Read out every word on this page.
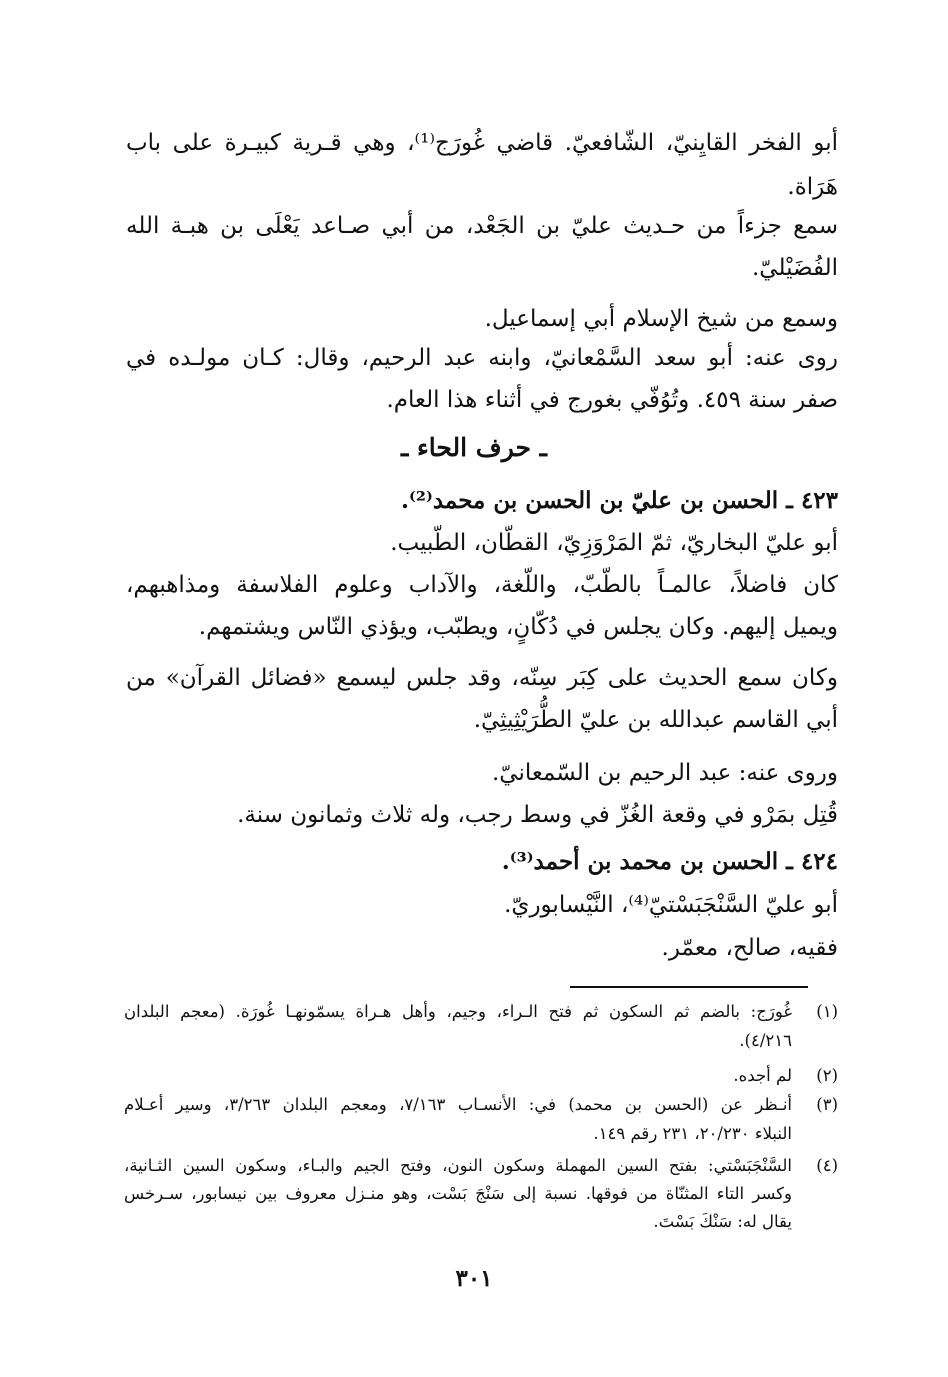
أبو الفخر القايِنيّ، الشّافعيّ. قاضي غُورَج⁽¹⁾، وهي قـرية كبيـرة على باب
هَرَاة.
سمع جزءاً من حـديث عليّ بن الجَعْد، من أبي صـاعد يَعْلَى بن هبـة الله
الفُضَيْليّ.
وسمع من شيخ الإسلام أبي إسماعيل.
روى عنه: أبو سعد السَّمْعانيّ، وابنه عبد الرحيم، وقال: كـان مولـده في
صفر سنة ٤٥٩. وتُوُفّي بغورج في أثناء هذا العام.
ـ حرف الحاء ـ
٤٢٣ ـ الحسن بن عليّ بن الحسن بن محمد⁽²⁾.
أبو عليّ البخاريّ، ثمّ المَرْوَزِيّ، القطّان، الطّبيب.
كان فاضلاً، عالمـاً بالطّبّ، واللّغة، والآداب وعلوم الفلاسفة ومذاهبهم،
ويميل إليهم. وكان يجلس في دُكّانٍ، ويطبّب، ويؤذي النّاس ويشتمهم.
وكان سمع الحديث على كِبَر سِنّه، وقد جلس ليسمع «فضائل القرآن» من
أبي القاسم عبدالله بن عليّ الطُّرَيْثِيثِيّ.
وروى عنه: عبد الرحيم بن السّمعانيّ.
قُتِل بمَرْو في وقعة الغُزّ في وسط رجب، وله ثلاث وثمانون سنة.
٤٢٤ ـ الحسن بن محمد بن أحمد⁽³⁾.
أبو عليّ السَّنْجَبَسْتيّ⁽⁴⁾، النَّيْسابوريّ.
فقيه، صالح، معمّر.
(١)
غُورَج: بالضم ثم السكون ثم فتح الـراء، وجيم، وأهل هـراة يسمّونهـا غُورَة. (معجم البلدان
٤/٢١٦).
(٢)
لم أجده.
(٣)
أنـظر عن (الحسن بن محمد) في: الأنسـاب ٧/١٦٣، ومعجم البلدان ٣/٢٦٣، وسير أعـلام
النبلاء ٢٠/٢٣٠، ٢٣١ رقم ١٤٩.
(٤)
السَّنْجَبَسْتي: بفتح السين المهملة وسكون النون، وفتح الجيم والبـاء، وسكون السين الثـانية،
وكسر التاء المثنّاة من فوقها. نسبة إلى سَنْجَ بَسْت، وهو منـزل معروف بين نيسابور، سـرخس
يقال له: سَنْكَ بَسْتَ.
٣٠١
